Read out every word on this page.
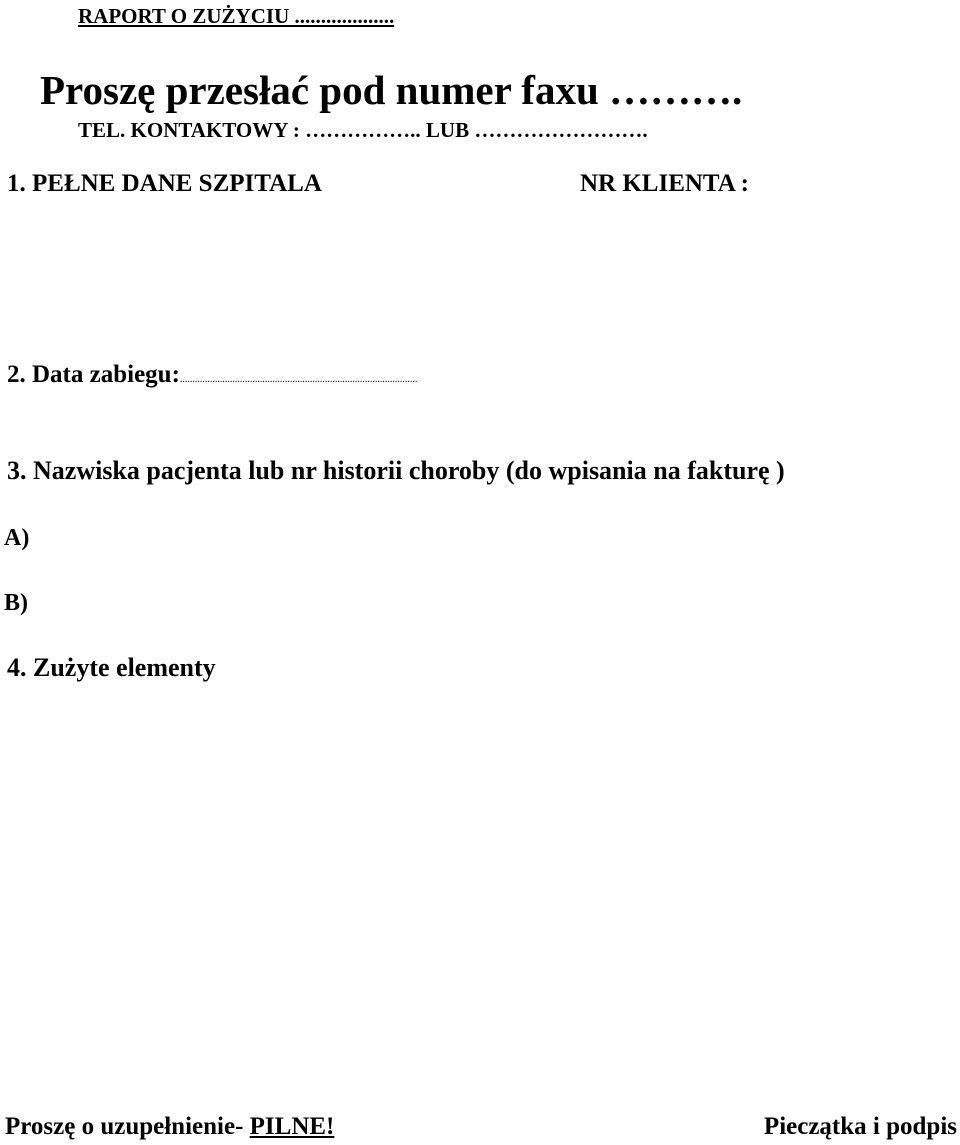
RAPORT O ZUŻYCIU ...................
Proszę przesłać pod numer faxu ……….
TEL. KONTAKTOWY : …………….. LUB …………………….
1. PEŁNE DANE SZPITALA	NR KLIENTA :
2. Data zabiegu:...............................................................................................
3. Nazwiska pacjenta lub nr historii choroby (do wpisania na fakturę )
A)
B)
4. Zużyte elementy
Proszę o uzupełnienie- PILNE!	Pieczątka i podpis
